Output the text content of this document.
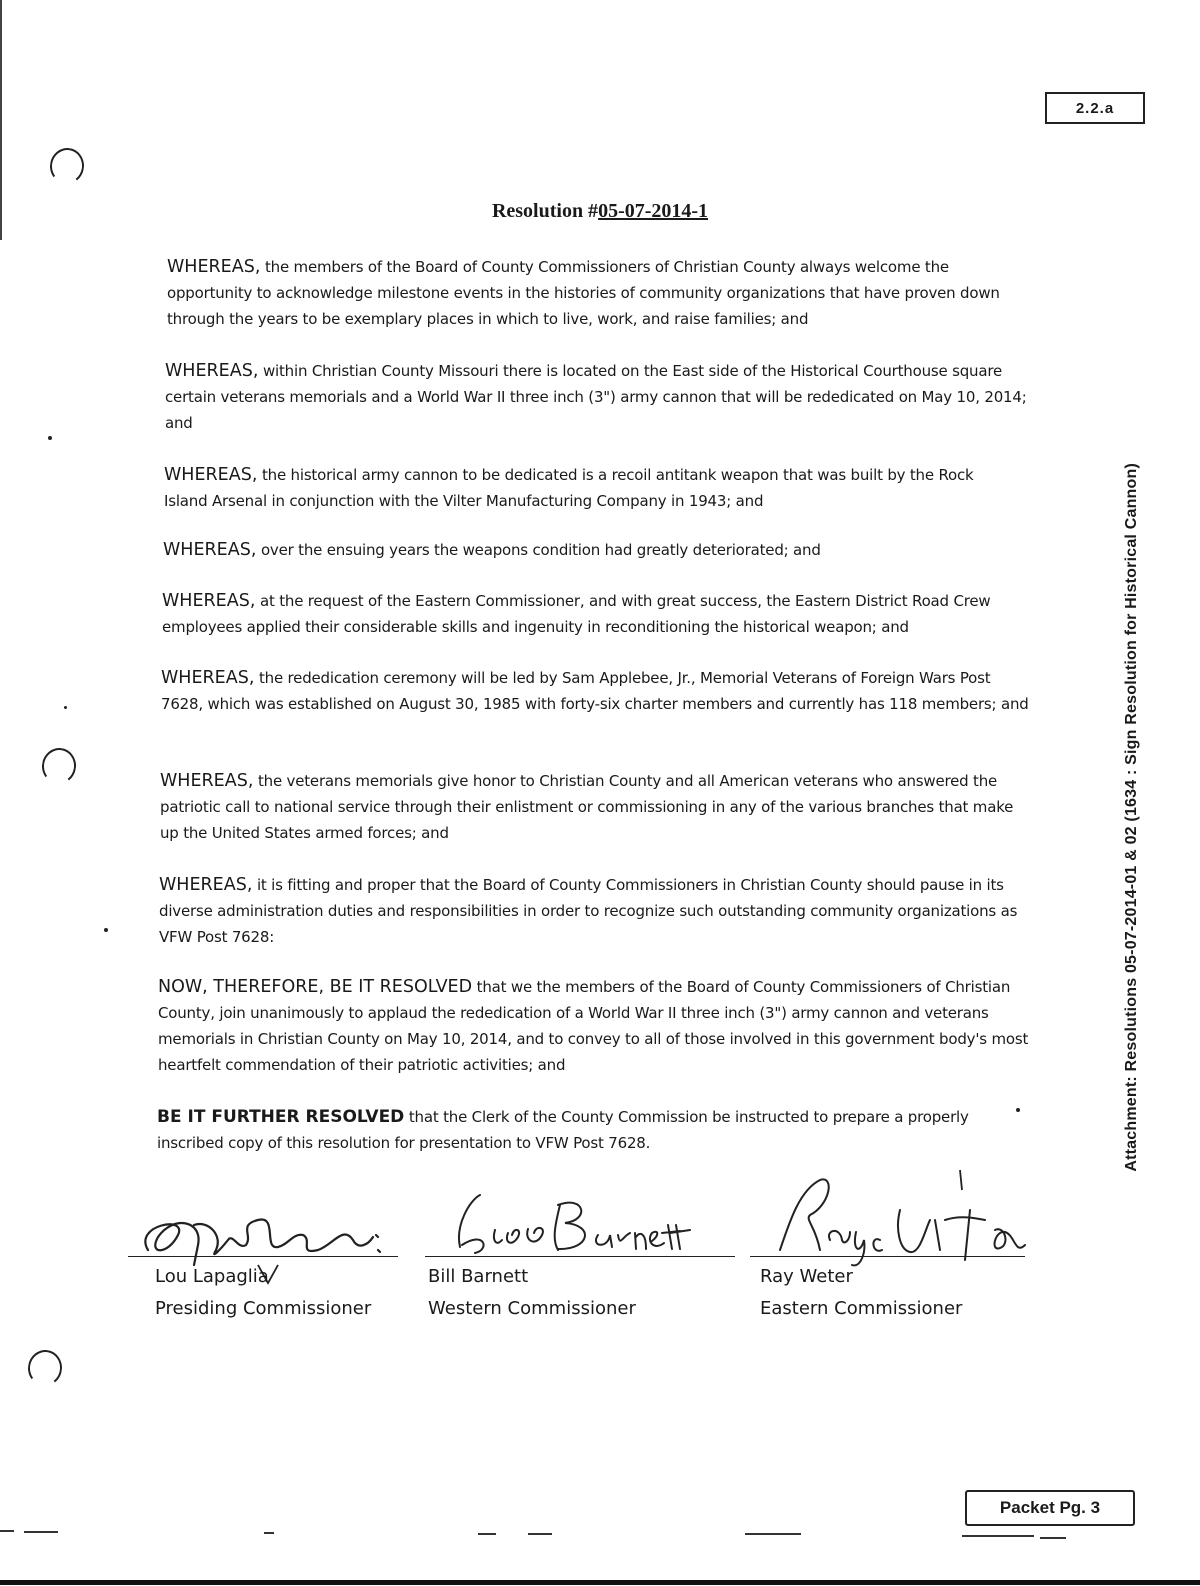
2.2.a
Resolution #05-07-2014-1
WHEREAS, the members of the Board of County Commissioners of Christian County always welcome the opportunity to acknowledge milestone events in the histories of community organizations that have proven down through the years to be exemplary places in which to live, work, and raise families; and
WHEREAS, within Christian County Missouri there is located on the East side of the Historical Courthouse square certain veterans memorials and a World War II three inch (3") army cannon that will be rededicated on May 10, 2014; and
WHEREAS, the historical army cannon to be dedicated is a recoil antitank weapon that was built by the Rock Island Arsenal in conjunction with the Vilter Manufacturing Company in 1943; and
WHEREAS, over the ensuing years the weapons condition had greatly deteriorated; and
WHEREAS, at the request of the Eastern Commissioner, and with great success, the Eastern District Road Crew employees applied their considerable skills and ingenuity in reconditioning the historical weapon; and
WHEREAS, the rededication ceremony will be led by Sam Applebee, Jr., Memorial Veterans of Foreign Wars Post 7628, which was established on August 30, 1985 with forty-six charter members and currently has 118 members; and
WHEREAS, the veterans memorials give honor to Christian County and all American veterans who answered the patriotic call to national service through their enlistment or commissioning in any of the various branches that make up the United States armed forces; and
WHEREAS, it is fitting and proper that the Board of County Commissioners in Christian County should pause in its diverse administration duties and responsibilities in order to recognize such outstanding community organizations as VFW Post 7628:
NOW, THEREFORE, BE IT RESOLVED that we the members of the Board of County Commissioners of Christian County, join unanimously to applaud the rededication of a World War II three inch (3") army cannon and veterans memorials in Christian County on May 10, 2014, and to convey to all of those involved in this government body's most heartfelt commendation of their patriotic activities; and
BE IT FURTHER RESOLVED that the Clerk of the County Commission be instructed to prepare a properly inscribed copy of this resolution for presentation to VFW Post 7628.
Lou Lapaglia
Presiding Commissioner
Bill Barnett
Western Commissioner
Ray Weter
Eastern Commissioner
Attachment: Resolutions 05-07-2014-01 & 02 (1634 : Sign Resolution for Historical Cannon)
Packet Pg. 3
